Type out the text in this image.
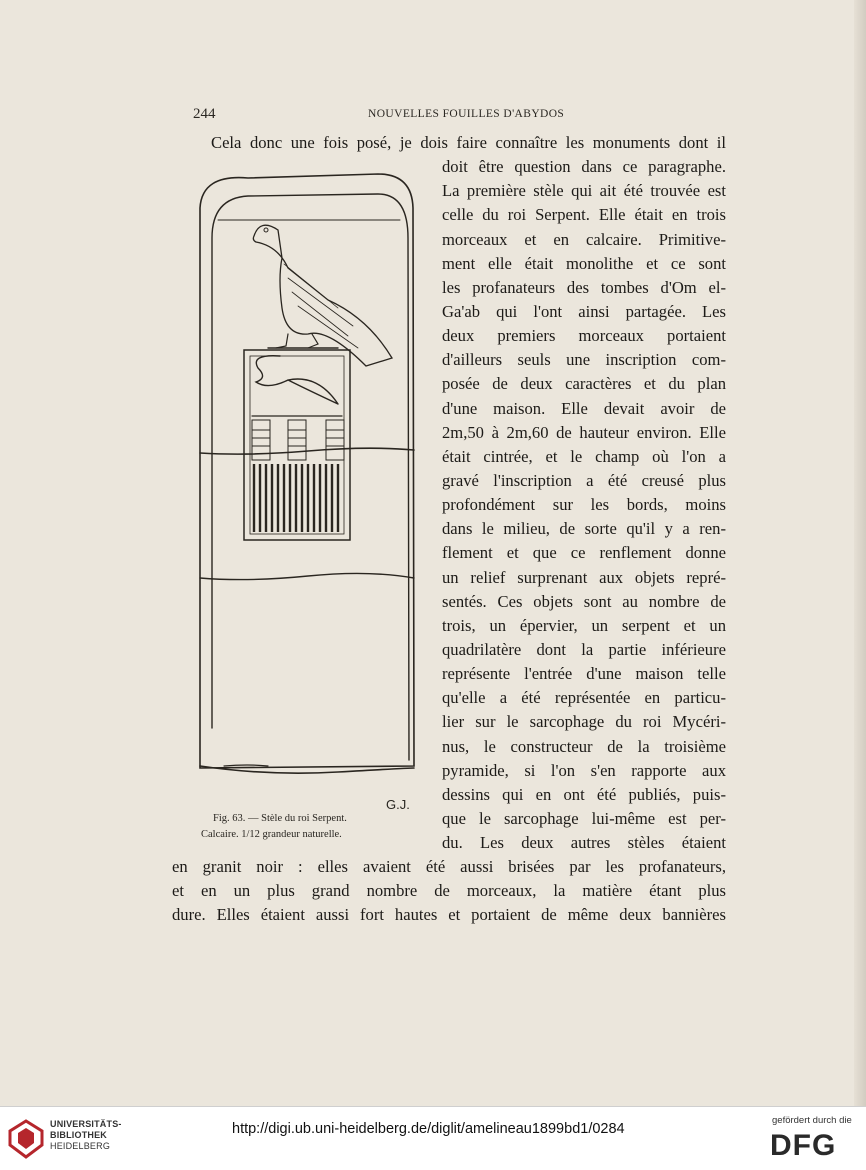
244	NOUVELLES FOUILLES D'ABYDOS
Cela donc une fois posé, je dois faire connaître les monuments dont il
doit être question dans ce paragraphe.
La première stèle qui ait été trouvée est
celle du roi Serpent. Elle était en trois
morceaux et en calcaire. Primitive-
ment elle était monolithe et ce sont
les profanateurs des tombes d'Om el-
Ga'ab qui l'ont ainsi partagée. Les
deux premiers morceaux portaient
d'ailleurs seuls une inscription com-
posée de deux caractères et du plan
d'une maison. Elle devait avoir de
2m,50 à 2m,60 de hauteur environ. Elle
était cintrée, et le champ où l'on a
gravé l'inscription a été creusé plus
profondément sur les bords, moins
dans le milieu, de sorte qu'il y a ren-
flement et que ce renflement donne
un relief surprenant aux objets repré-
sentés. Ces objets sont au nombre de
trois, un épervier, un serpent et un
quadrilatère dont la partie inférieure
représente l'entrée d'une maison telle
qu'elle a été représentée en particu-
lier sur le sarcophage du roi Mycéri-
nus, le constructeur de la troisième
pyramide, si l'on s'en rapporte aux
dessins qui en ont été publiés, puis-
que le sarcophage lui-même est per-
du. Les deux autres stèles étaient
en granit noir : elles avaient été aussi brisées par les profanateurs,
et en un plus grand nombre de morceaux, la matière étant plus
dure. Elles étaient aussi fort hautes et portaient de même deux bannières
G.J.
Fig. 63. — Stèle du roi Serpent.
Calcaire. 1/12 grandeur naturelle.
UNIVERSITÄTS-
BIBLIOTHEK
HEIDELBERG
http://digi.ub.uni-heidelberg.de/diglit/amelineau1899bd1/0284
gefördert durch die
DFG
